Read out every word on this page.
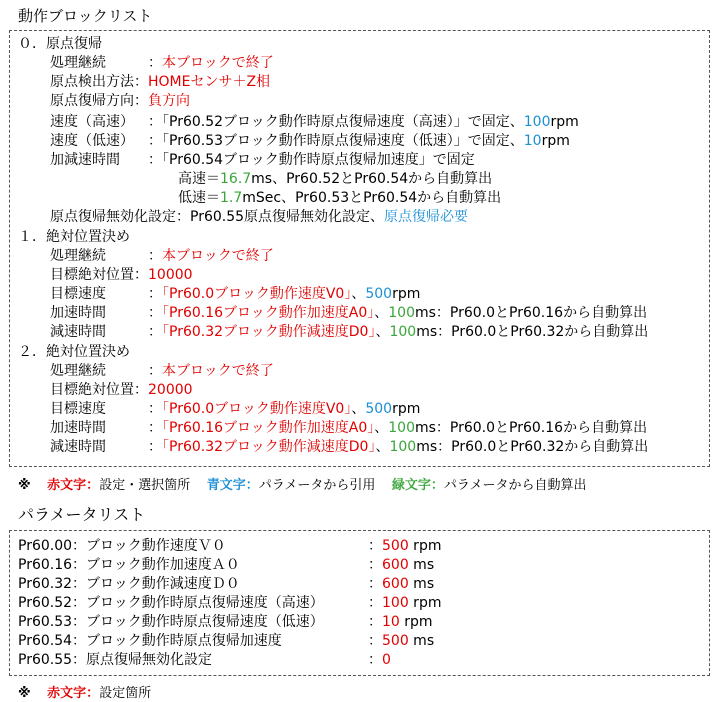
動作ブロックリスト
０．原点復帰
処理継続	：本ブロックで終了
原点検出方法：HOMEセンサ＋Z相
原点復帰方向：負方向
速度（高速） ：「Pr60.52ブロック動作時原点復帰速度（高速）」で固定、100rpm
速度（低速） ：「Pr60.53ブロック動作時原点復帰速度（低速）」で固定、10rpm
加減速時間 ：「Pr60.54ブロック動作時原点復帰加速度」で固定
高速＝16.7ms、Pr60.52とPr60.54から自動算出
低速＝1.7mSec、Pr60.53とPr60.54から自動算出
原点復帰無効化設定：Pr60.55原点復帰無効化設定、原点復帰必要
１．絶対位置決め
処理継続	：本ブロックで終了
目標絶対位置：10000
目標速度	：「Pr60.0ブロック動作速度V0」、500rpm
加速時間	：「Pr60.16ブロック動作加速度A0」、100ms：Pr60.0とPr60.16から自動算出
減速時間	：「Pr60.32ブロック動作減速度D0」、100ms：Pr60.0とPr60.32から自動算出
２．絶対位置決め
処理継続	：本ブロックで終了
目標絶対位置：20000
目標速度	：「Pr60.0ブロック動作速度V0」、500rpm
加速時間	：「Pr60.16ブロック動作加速度A0」、100ms：Pr60.0とPr60.16から自動算出
減速時間	：「Pr60.32ブロック動作減速度D0」、100ms：Pr60.0とPr60.32から自動算出
※ 赤文字：設定・選択箇所 青文字：パラメータから引用 緑文字：パラメータから自動算出
パラメータリスト
Pr60.00：ブロック動作速度Ｖ０	：500 rpm
Pr60.16：ブロック動作加速度Ａ０	：600 ms
Pr60.32：ブロック動作減速度Ｄ０	：600 ms
Pr60.52：ブロック動作時原点復帰速度（高速）	：100 rpm
Pr60.53：ブロック動作時原点復帰速度（低速）	：10 rpm
Pr60.54：ブロック動作時原点復帰加速度	：500 ms
Pr60.55：原点復帰無効化設定	：0
※ 赤文字：設定箇所
